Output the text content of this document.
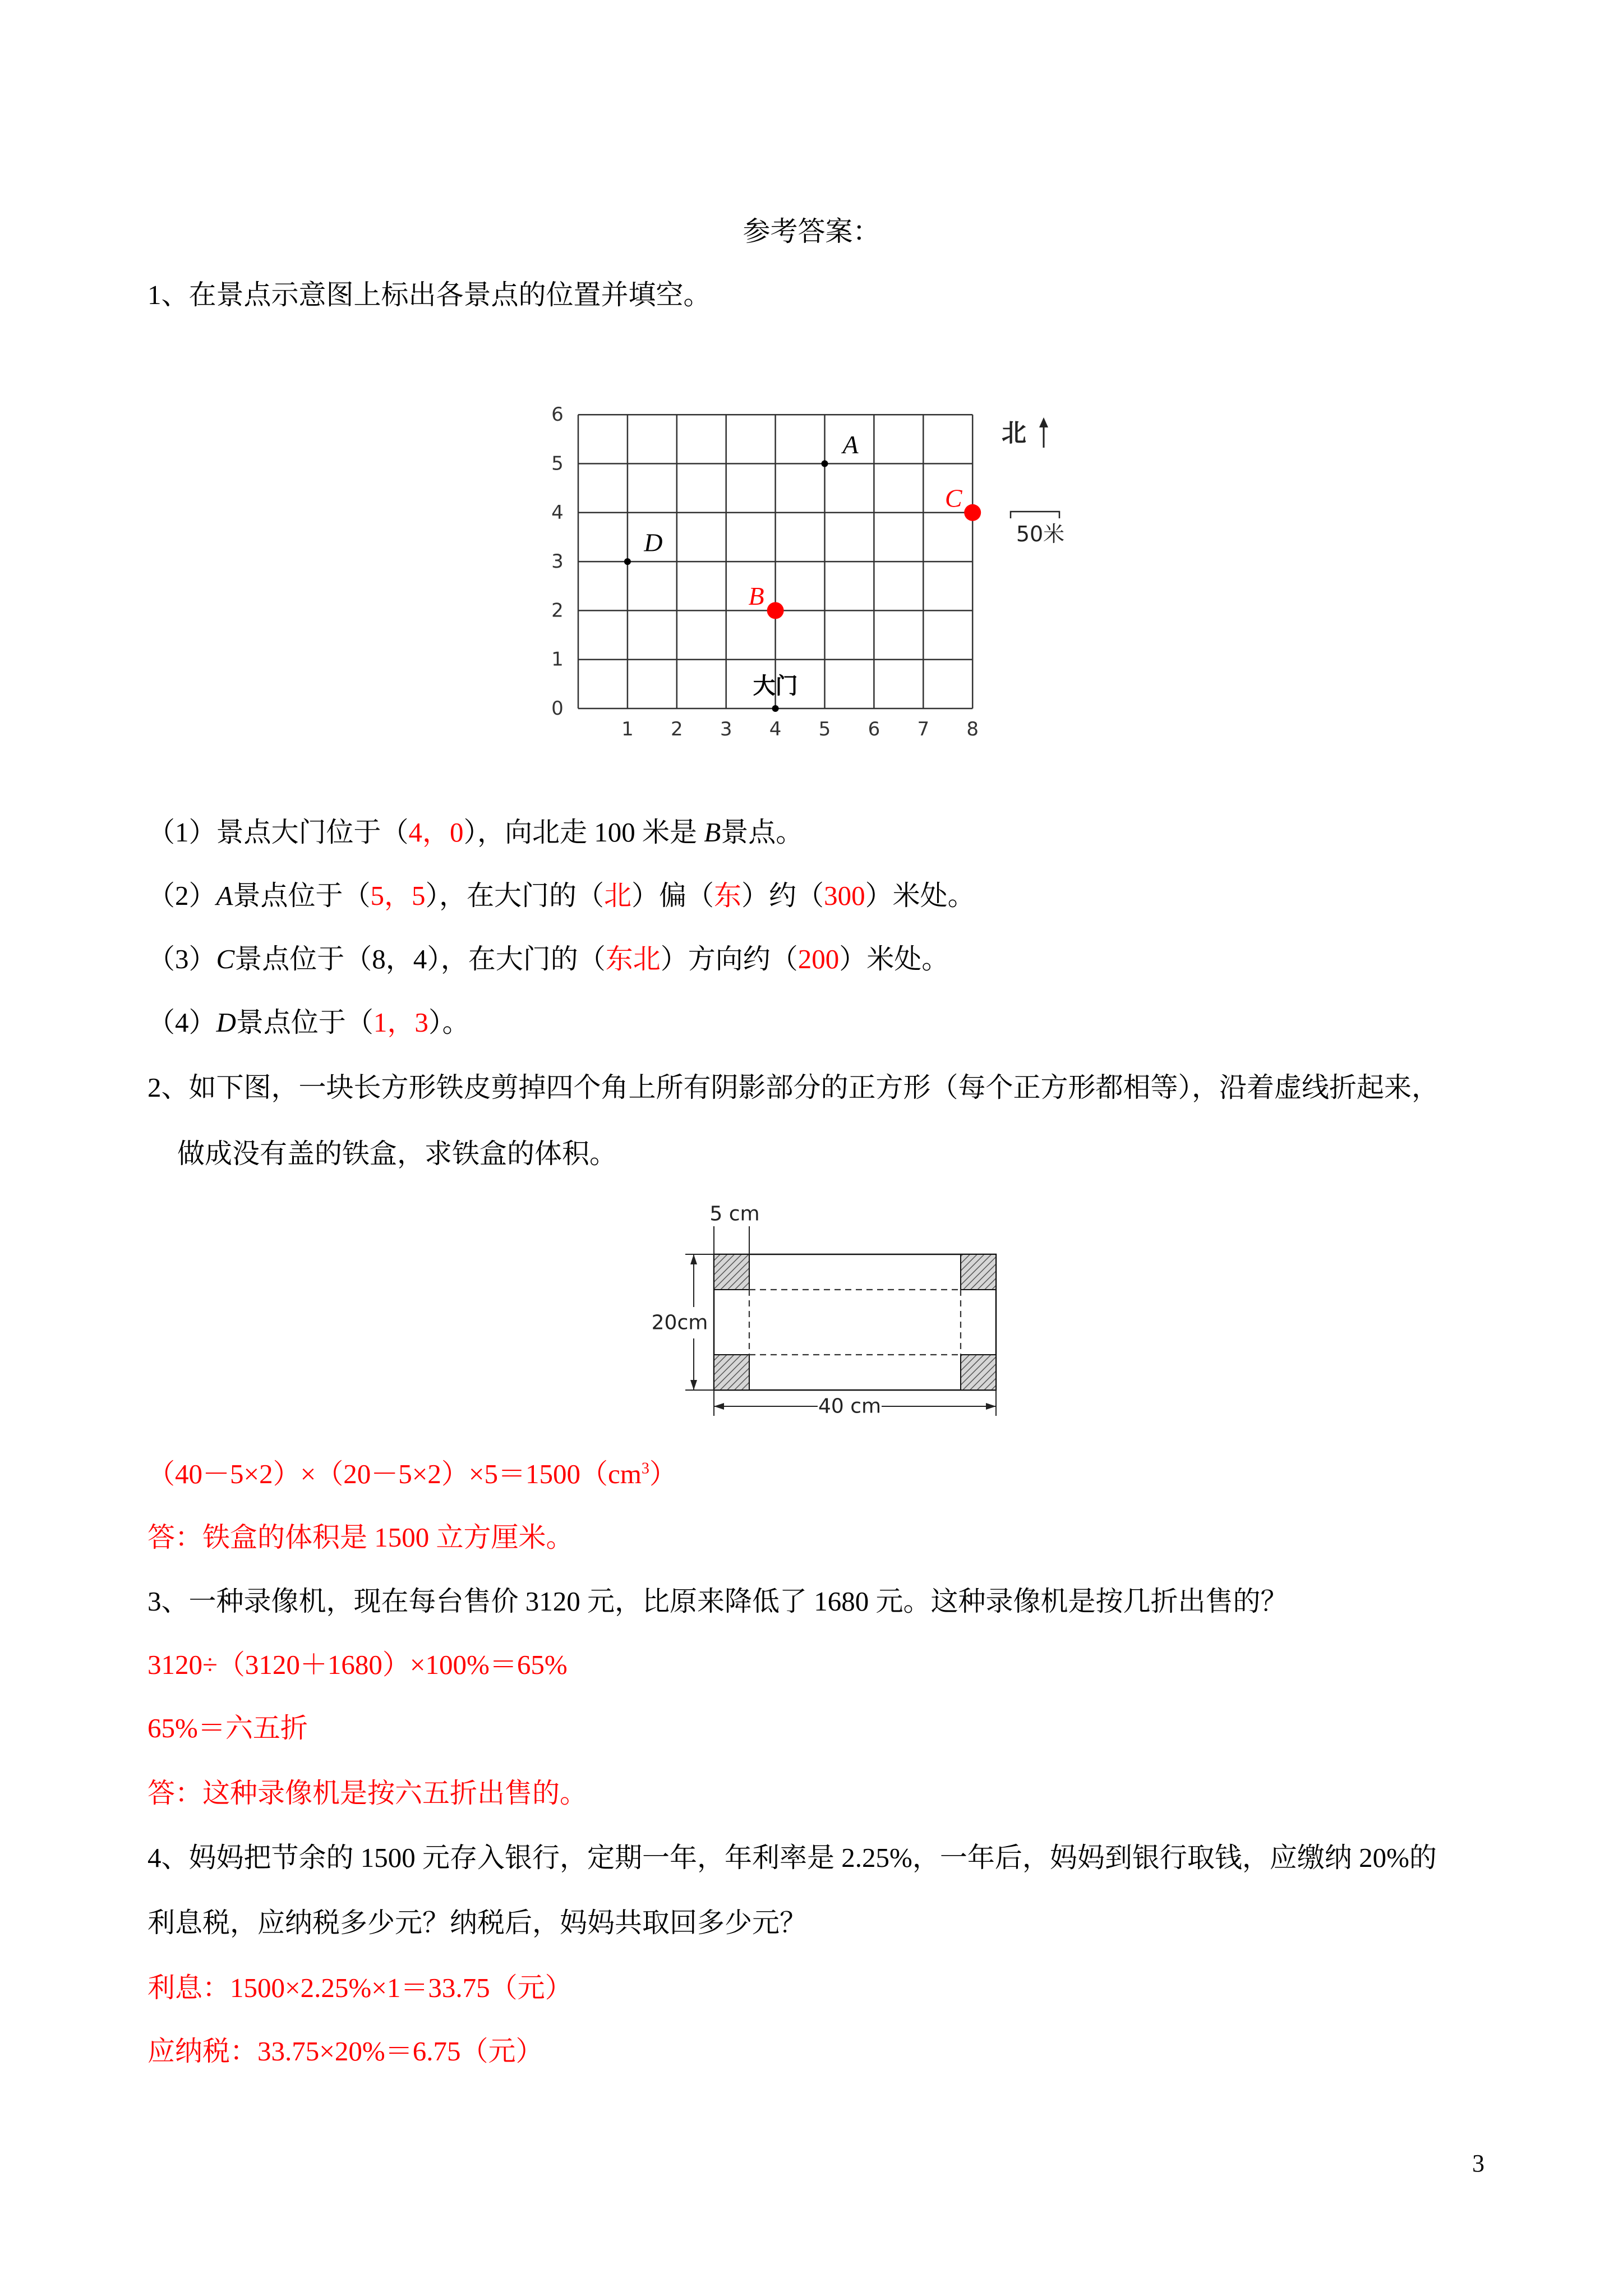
参考答案：
1、在景点示意图上标出各景点的位置并填空。
1 2 3 4 5 6 7 8
0
1
2
3
4
5
6
A
C
D
B
大门
北
50米
（1）景点大门位于（4，0），向北走 100 米是 B景点。
（2）A景点位于（5，5），在大门的（北）偏（东）约（300）米处。
（3）C景点位于（8，4），在大门的（东北）方向约（200）米处。
（4）D景点位于（1，3）。
2、如下图，一块长方形铁皮剪掉四个角上所有阴影部分的正方形（每个正方形都相等），沿着虚线折起来，
做成没有盖的铁盒，求铁盒的体积。
5 cm
20cm
40 cm
$(40-5\times 2)\times(20-5\times 2)\times 5=1500(cm^3)$
答：铁盒的体积是 1500 立方厘米。
3、一种录像机，现在每台售价 3120 元，比原来降低了 1680 元。这种录像机是按几折出售的？
3120÷（3120＋1680）×100%＝65%
65%＝六五折
答：这种录像机是按六五折出售的。
4、妈妈把节余的 1500 元存入银行，定期一年，年利率是 2.25%，一年后，妈妈到银行取钱，应缴纳 20%的
利息税，应纳税多少元？纳税后，妈妈共取回多少元？
利息：1500×2.25%×1＝33.75（元）
应纳税：33.75×20%＝6.75（元）
3
